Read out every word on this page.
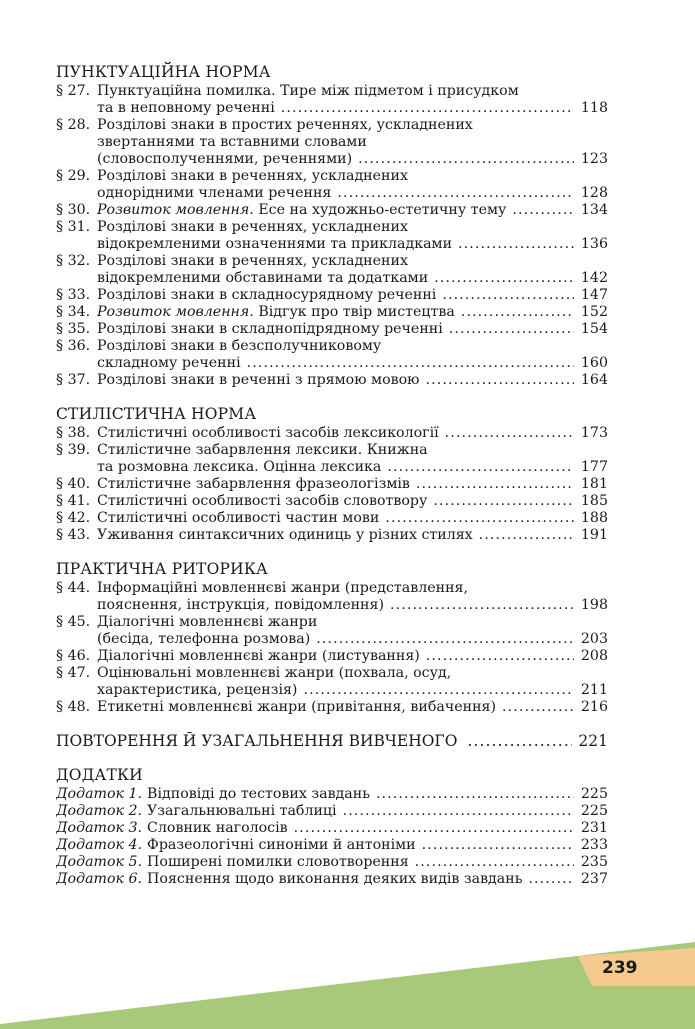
ПУНКТУАЦІЙНА НОРМА
§ 27. Пунктуаційна помилка. Тире між підметом і присудком
та в неповному реченні .....	118
§ 28. Розділові знаки в простих реченнях, ускладнених
звертаннями та вставними словами
(словосполученнями, реченнями) .....	123
§ 29. Розділові знаки в реченнях, ускладнених
однорідними членами речення .....	128
§ 30. Розвиток мовлення. Есе на художньо-естетичну тему .....	134
§ 31. Розділові знаки в реченнях, ускладнених
відокремленими означеннями та прикладками .....	136
§ 32. Розділові знаки в реченнях, ускладнених
відокремленими обставинами та додатками .....	142
§ 33. Розділові знаки в складносурядному реченні .....	147
§ 34. Розвиток мовлення. Відгук про твір мистецтва .....	152
§ 35. Розділові знаки в складнопідрядному реченні .....	154
§ 36. Розділові знаки в безсполучниковому
складному реченні .....	160
§ 37. Розділові знаки в реченні з прямою мовою .....	164
СТИЛІСТИЧНА НОРМА
§ 38. Стилістичні особливості засобів лексикології .....	173
§ 39. Стилістичне забарвлення лексики. Книжна
та розмовна лексика. Оцінна лексика .....	177
§ 40. Стилістичне забарвлення фразеологізмів .....	181
§ 41. Стилістичні особливості засобів словотвору .....	185
§ 42. Стилістичні особливості частин мови .....	188
§ 43. Уживання синтаксичних одиниць у різних стилях .....	191
ПРАКТИЧНА РИТОРИКА
§ 44. Інформаційні мовленнєві жанри (представлення,
пояснення, інструкція, повідомлення) .....	198
§ 45. Діалогічні мовленнєві жанри
(бесіда, телефонна розмова) .....	203
§ 46. Діалогічні мовленнєві жанри (листування) .....	208
§ 47. Оцінювальні мовленнєві жанри (похвала, осуд,
характеристика, рецензія) .....	211
§ 48. Етикетні мовленнєві жанри (привітання, вибачення) .....	216
ПОВТОРЕННЯ Й УЗАГАЛЬНЕННЯ ВИВЧЕНОГО .....	221
ДОДАТКИ
Додаток 1. Відповіді до тестових завдань .....	225
Додаток 2. Узагальнювальні таблиці .....	225
Додаток 3. Словник наголосів .....	231
Додаток 4. Фразеологічні синоніми й антоніми .....	233
Додаток 5. Поширені помилки словотворення .....	235
Додаток 6. Пояснення щодо виконання деяких видів завдань .....	237
239
